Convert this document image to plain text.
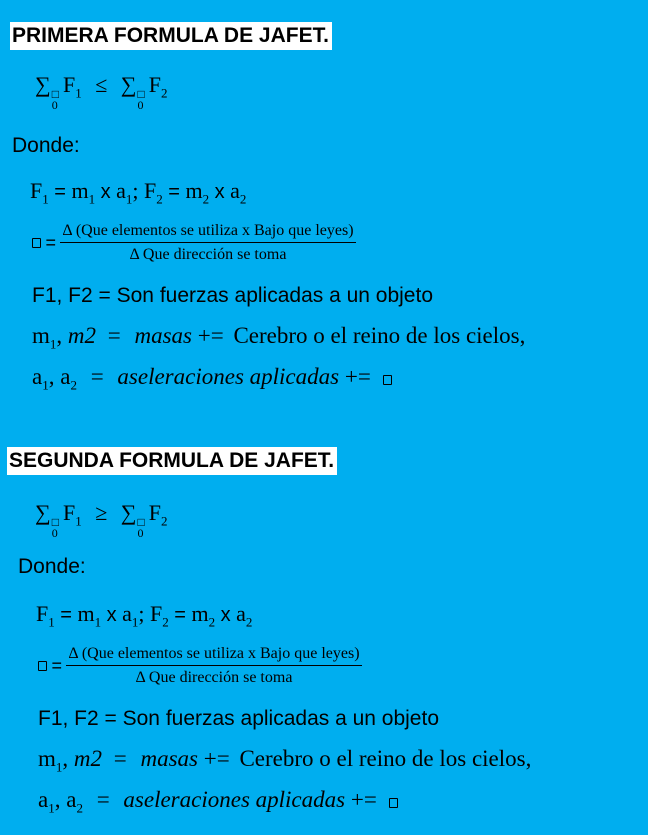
PRIMERA FORMULA DE JAFET.
∑ □
0
$F_1$ ≤ ∑ □
0
$F_2$
Donde:
$F_1 = m_1$ x $a_1$; $F_2 = m_2$ x $a_2$
= $\frac{\text{Δ (Que elementos se utiliza x Bajo que leyes)}}{\text{Δ Que dirección se toma}}$
F1, F2 = Son fuerzas aplicadas a un objeto
$m_1$, m2 = masas += Cerebro o el reino de los cielos,
$a_1$, $a_2$ = aseleraciones aplicadas +=
SEGUNDA FORMULA DE JAFET.
∑ □
0
$F_1$ ≥ ∑ □
0
$F_2$
Donde:
$F_1 = m_1$ x $a_1$; $F_2 = m_2$ x $a_2$
= $\frac{\text{Δ (Que elementos se utiliza x Bajo que leyes)}}{\text{Δ Que dirección se toma}}$
F1, F2 = Son fuerzas aplicadas a un objeto
$m_1$, m2 = masas += Cerebro o el reino de los cielos,
$a_1$, $a_2$ = aseleraciones aplicadas +=
